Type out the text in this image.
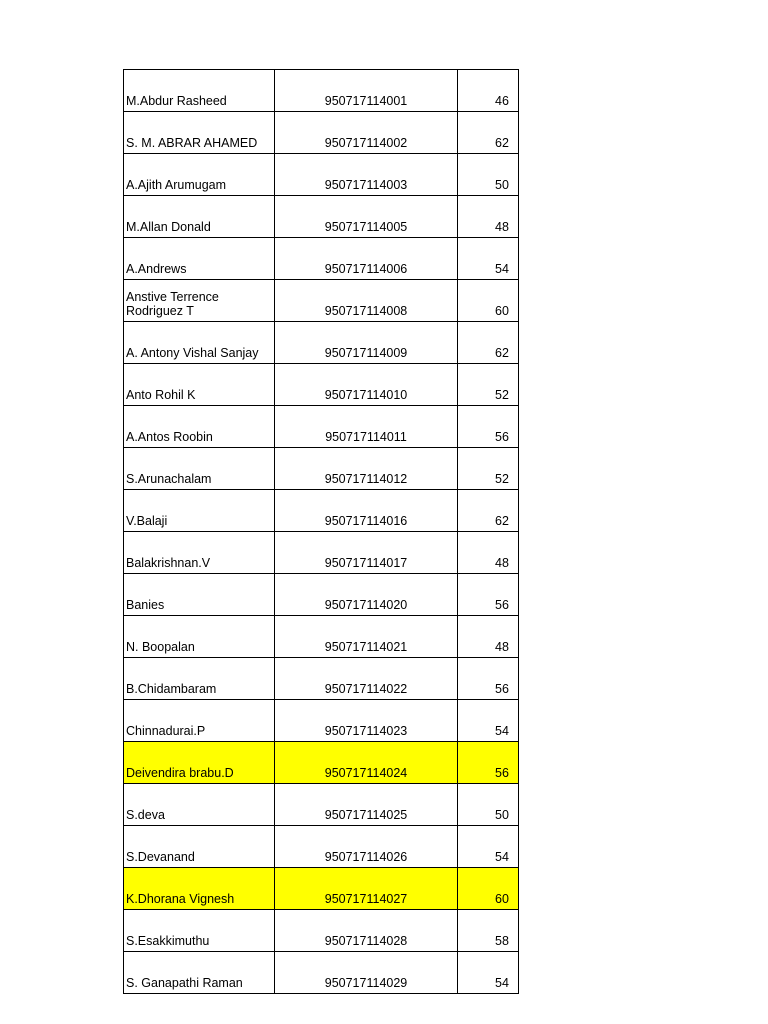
M.Abdur Rasheed	950717114001	46
S. M. ABRAR AHAMED	950717114002	62
A.Ajith Arumugam	950717114003	50
M.Allan Donald	950717114005	48
A.Andrews	950717114006	54
Anstive Terrence Rodriguez T	950717114008	60
A. Antony Vishal Sanjay	950717114009	62
Anto Rohil K	950717114010	52
A.Antos Roobin	950717114011	56
S.Arunachalam	950717114012	52
V.Balaji	950717114016	62
Balakrishnan.V	950717114017	48
Banies	950717114020	56
N. Boopalan	950717114021	48
B.Chidambaram	950717114022	56
Chinnadurai.P	950717114023	54
Deivendira brabu.D	950717114024	56
S.deva	950717114025	50
S.Devanand	950717114026	54
K.Dhorana Vignesh	950717114027	60
S.Esakkimuthu	950717114028	58
S. Ganapathi Raman	950717114029	54
